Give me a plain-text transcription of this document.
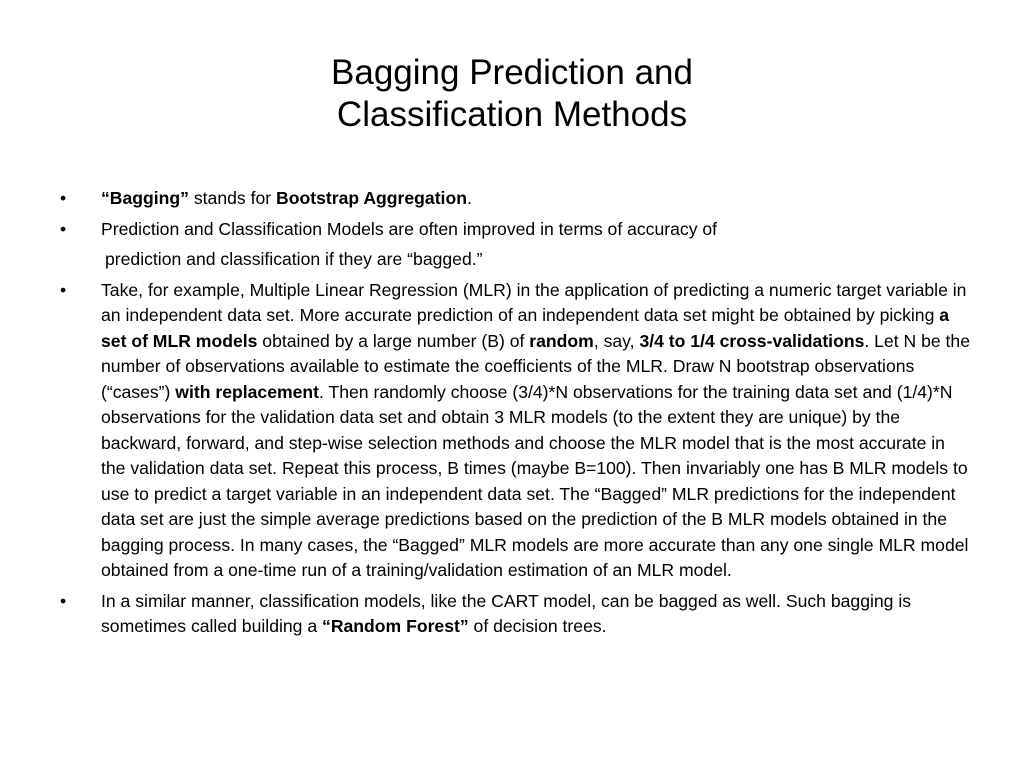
Bagging Prediction and
Classification Methods
•	“Bagging” stands for Bootstrap Aggregation.
•	Prediction and Classification Models are often improved in terms of accuracy of
prediction and classification if they are “bagged.”
•	Take, for example, Multiple Linear Regression (MLR) in the application of predicting a numeric target variable in an independent data set. More accurate prediction of an independent data set might be obtained by picking a set of MLR models obtained by a large number (B) of random, say, 3/4 to 1/4 cross-validations. Let N be the number of observations available to estimate the coefficients of the MLR. Draw N bootstrap observations (“cases”) with replacement. Then randomly choose (3/4)*N observations for the training data set and (1/4)*N observations for the validation data set and obtain 3 MLR models (to the extent they are unique) by the backward, forward, and step-wise selection methods and choose the MLR model that is the most accurate in the validation data set. Repeat this process, B times (maybe B=100). Then invariably one has B MLR models to use to predict a target variable in an independent data set. The “Bagged” MLR predictions for the independent data set are just the simple average predictions based on the prediction of the B MLR models obtained in the bagging process. In many cases, the “Bagged” MLR models are more accurate than any one single MLR model obtained from a one-time run of a training/validation estimation of an MLR model.
•	In a similar manner, classification models, like the CART model, can be bagged as well. Such bagging is sometimes called building a “Random Forest” of decision trees.
